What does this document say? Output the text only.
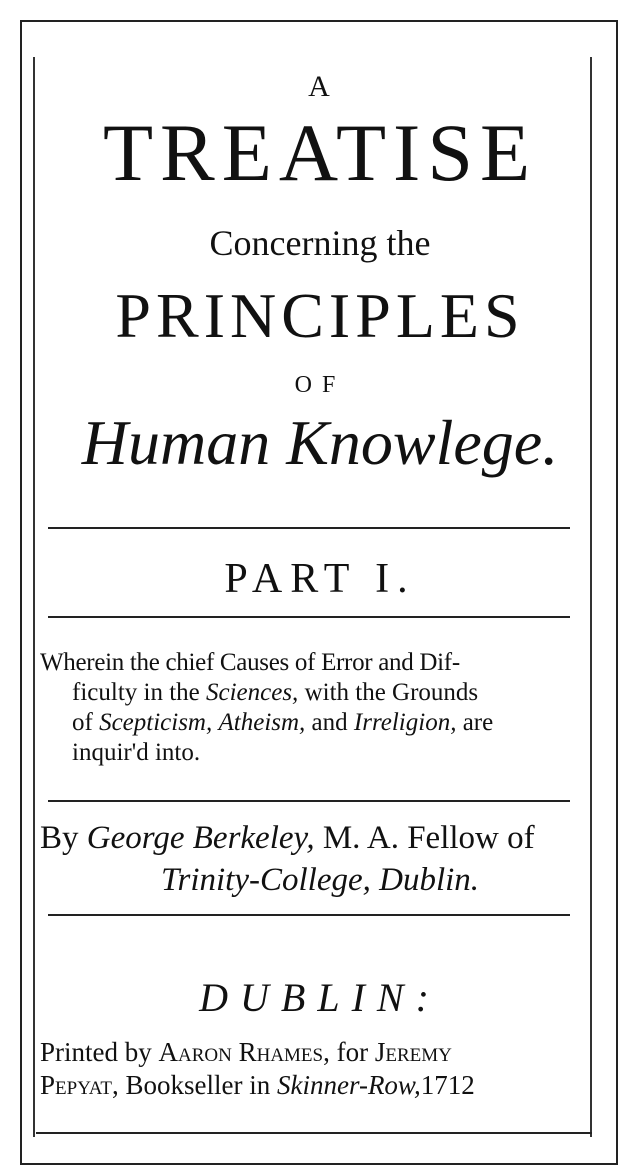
A
TREATISE
Concerning the
PRINCIPLES
OF
Human Knowlege.
PART I.
Wherein the chief Causes of Error and Dif-
ficulty in the Sciences, with the Grounds
of Scepticism, Atheism, and Irreligion, are
inquir'd into.
By George Berkeley, M. A. Fellow of
Trinity-College, Dublin.
DUBLIN:
Printed by Aaron Rhames, for Jeremy
Pepyat, Bookseller in Skinner-Row,1712
